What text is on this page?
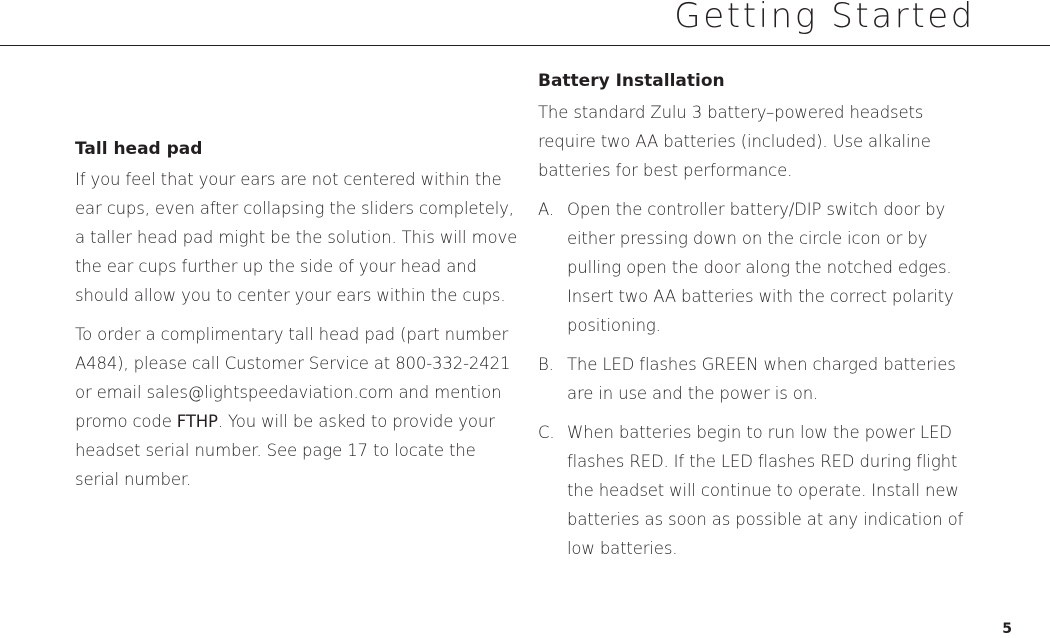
Getting Started
Tall head pad

If you feel that your ears are not centered within the ear cups, even after collapsing the sliders completely, a taller head pad might be the solution. This will move the ear cups further up the side of your head and should allow you to center your ears within the cups.

To order a complimentary tall head pad (part number A484), please call Customer Service at 800-332-2421 or email sales@lightspeedaviation.com and mention promo code FTHP. You will be asked to provide your headset serial number. See page 17 to locate the serial number.

Battery Installation

The standard Zulu 3 battery–powered headsets require two AA batteries (included). Use alkaline batteries for best performance.

A. Open the controller battery/DIP switch door by either pressing down on the circle icon or by pulling open the door along the notched edges. Insert two AA batteries with the correct polarity positioning.
B. The LED flashes GREEN when charged batteries are in use and the power is on.
C. When batteries begin to run low the power LED flashes RED. If the LED flashes RED during flight the headset will continue to operate. Install new batteries as soon as possible at any indication of low batteries.
5
